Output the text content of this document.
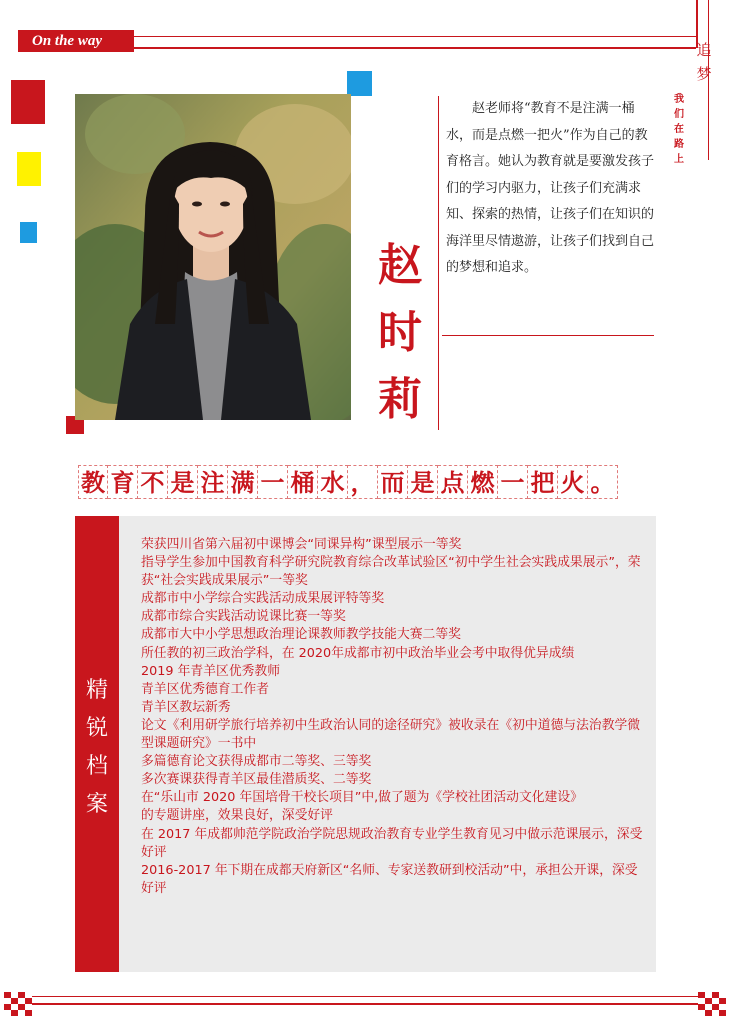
On the way	追梦
我们在路上
赵
时
莉
赵老师将“教育不是注满一桶水，而是点燃一把火”作为自己的教育格言。她认为教育就是要激发孩子们的学习内驱力，让孩子们充满求知、探索的热情，让孩子们在知识的海洋里尽情遨游，让孩子们找到自己的梦想和追求。
教 育 不 是 注 满 一 桶 水 ， 而 是 点 燃 一 把 火 。
精
锐
档
案
荣获四川省第六届初中课博会“同课异构”课型展示一等奖
指导学生参加中国教育科学研究院教育综合改革试验区“初中学生社会实践成果展示”，荣获“社会实践成果展示”一等奖
成都市中小学综合实践活动成果展评特等奖
成都市综合实践活动说课比赛一等奖
成都市大中小学思想政治理论课教师教学技能大赛二等奖
所任教的初三政治学科，在 2020年成都市初中政治毕业会考中取得优异成绩
2019 年青羊区优秀教师
青羊区优秀德育工作者
青羊区教坛新秀
论文《利用研学旅行培养初中生政治认同的途径研究》被收录在《初中道德与法治教学微型课题研究》一书中
多篇德育论文获得成都市二等奖、三等奖
多次赛课获得青羊区最佳潜质奖、二等奖
在“乐山市 2020 年国培骨干校长项目”中,做了题为《学校社团活动文化建设》
的专题讲座，效果良好，深受好评
在 2017 年成都帅范学院政治学院思规政治教育专业学生教育见习中做示范课展示，深受好评
2016-2017 年下期在成都天府新区“名师、专家送教研到校活动”中，承担公开课，深受好评
